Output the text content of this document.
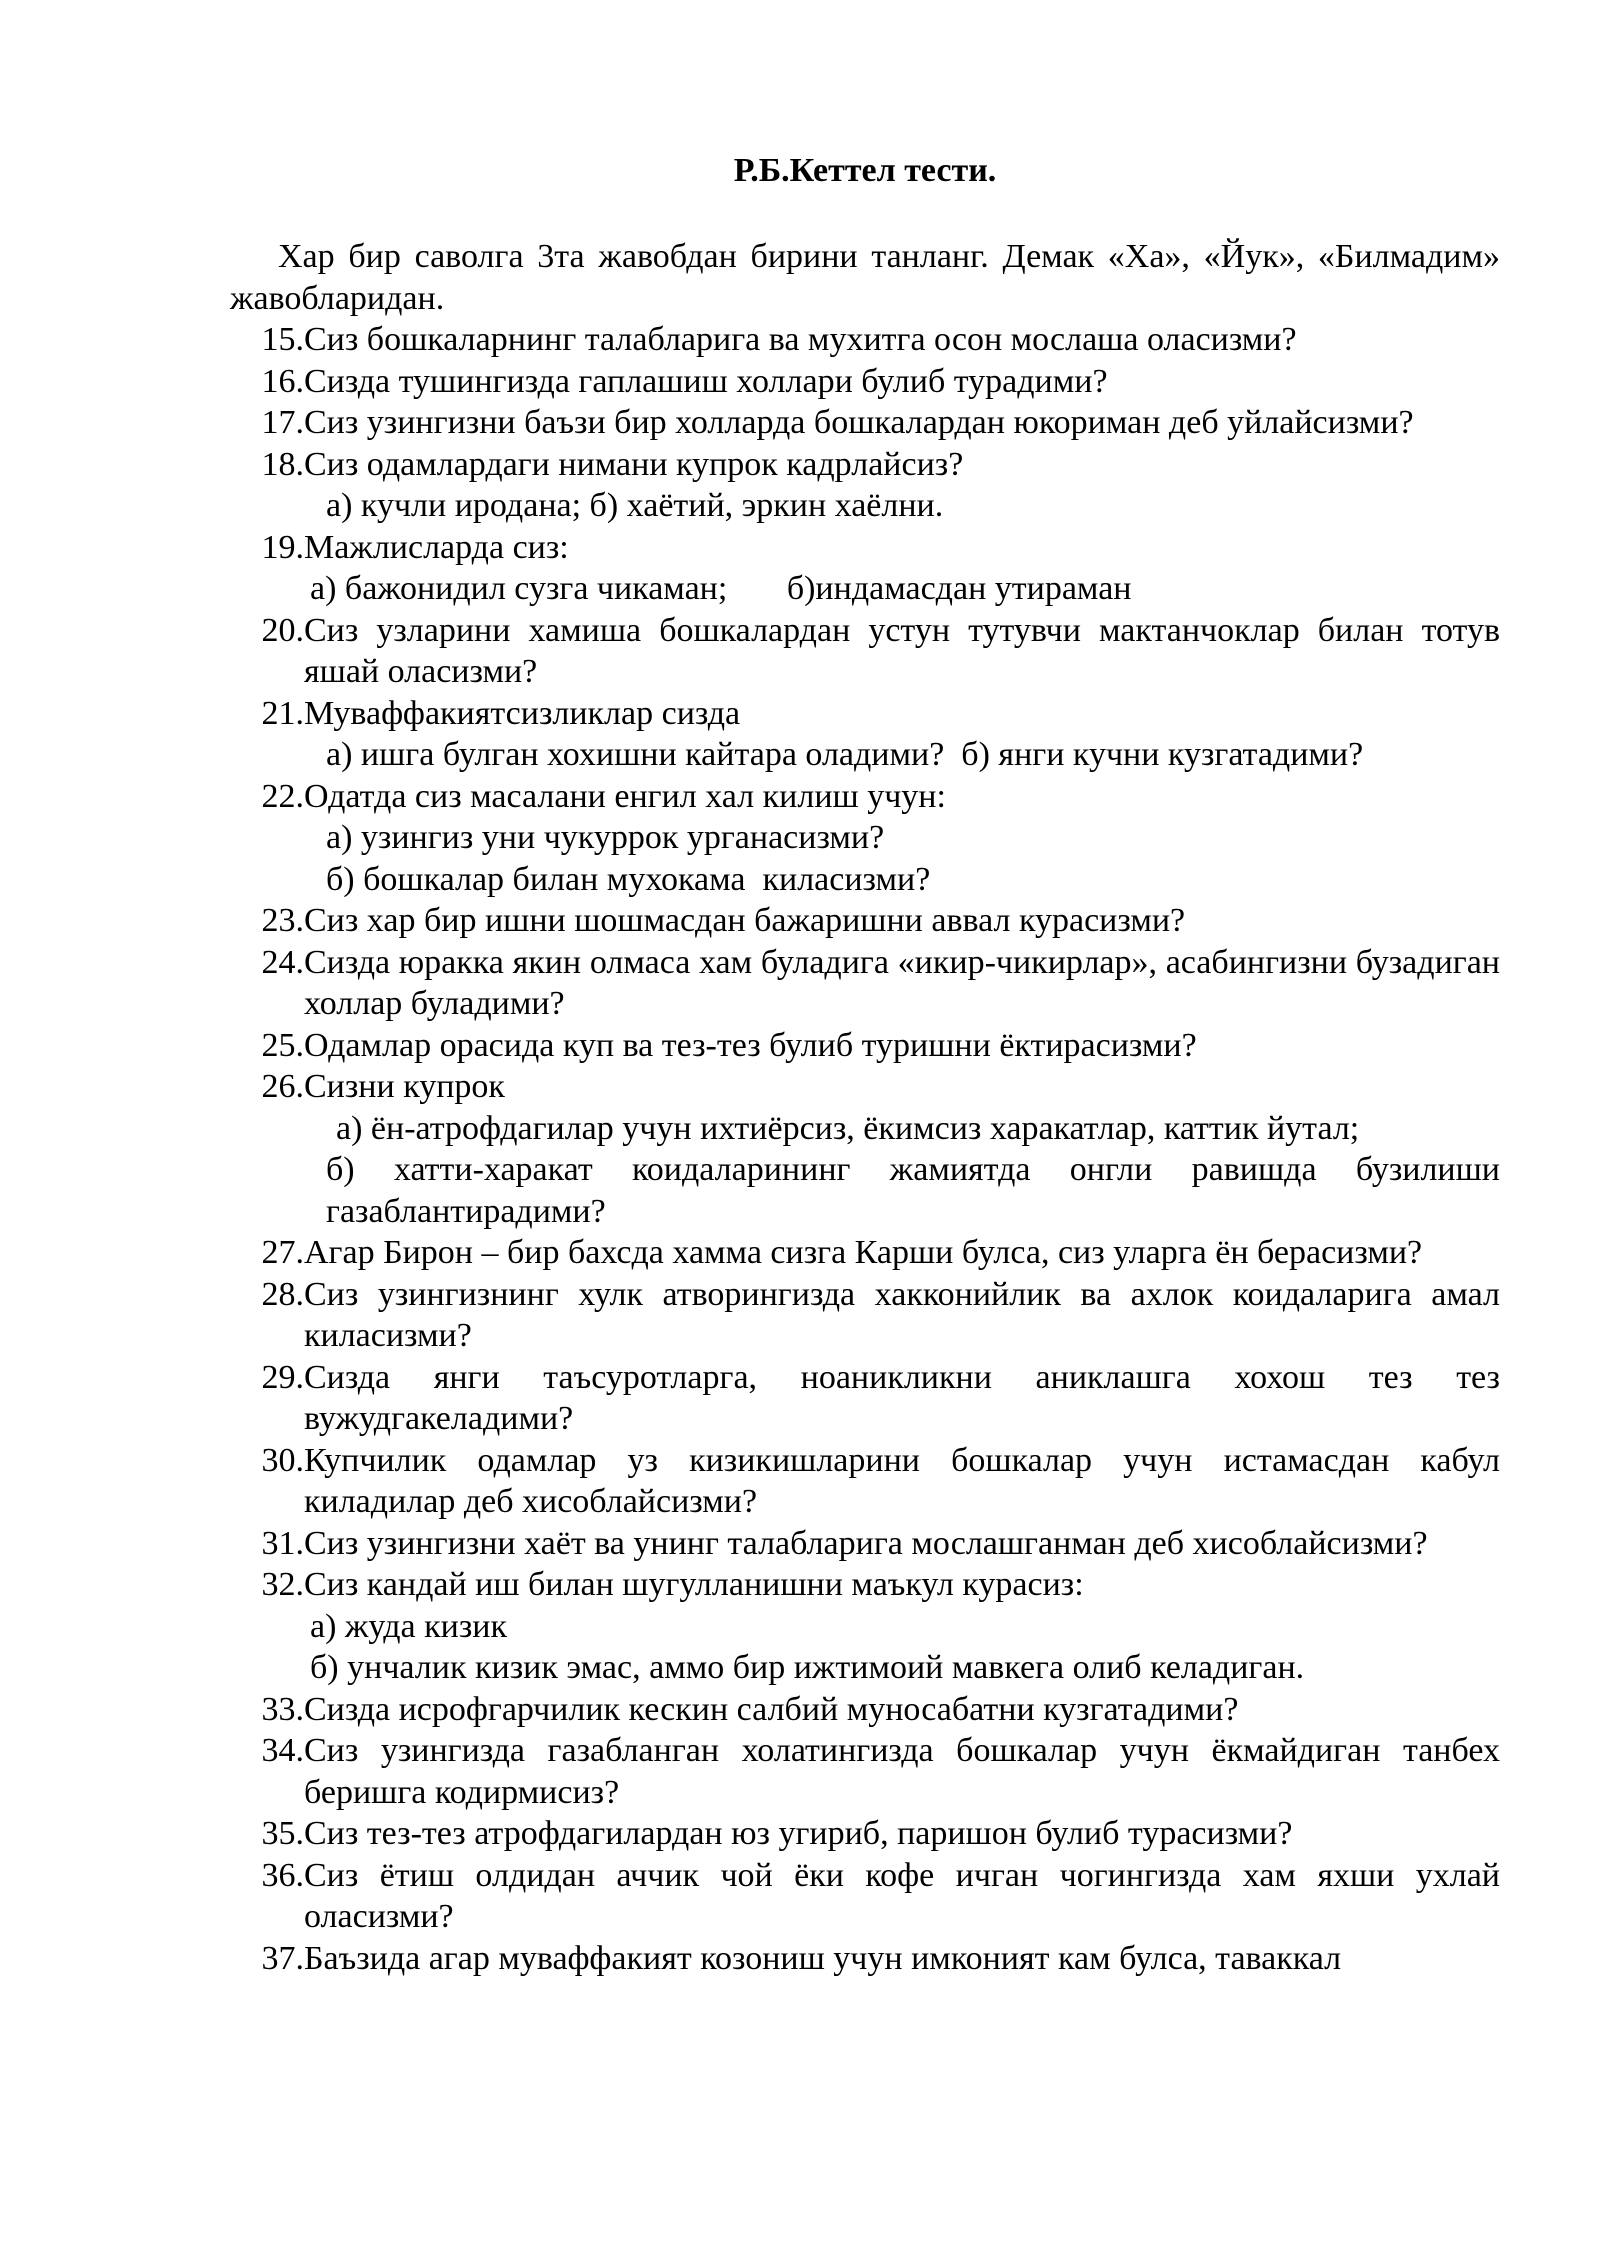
Р.Б.Кеттел тести.
Хар бир саволга 3та жавобдан бирини танланг. Демак «Ха», «Йук», «Билмадим» жавобларидан.
15. Сиз бошкаларнинг талабларига ва мухитга осон мослаша оласизми?
16. Сизда тушингизда гаплашиш холлари булиб турадими?
17. Сиз узингизни баъзи бир холларда бошкалардан юкориман деб уйлайсизми?
18. Сиз одамлардаги нимани купрок кадрлайсиз?
а) кучли иродана; б) хаётий, эркин хаёлни.
19. Мажлисларда сиз:
а) бажонидил сузга чикаман;       б)индамасдан утираман
20. Сиз узларини хамиша бошкалардан устун тутувчи мактанчоклар билан тотув яшай оласизми?
21. Муваффакиятсизликлар сизда
а) ишга булган хохишни кайтара оладими?  б) янги кучни кузгатадими?
22. Одатда сиз масалани енгил хал килиш учун:
а) узингиз уни чукуррок урганасизми?
б) бошкалар билан мухокама  киласизми?
23. Сиз хар бир ишни шошмасдан бажаришни аввал курасизми?
24. Сизда юракка якин олмаса хам буладига «икир-чикирлар», асабингизни бузадиган холлар буладими?
25. Одамлар орасида куп ва тез-тез булиб туришни ёктирасизми?
26. Сизни купрок
а) ён-атрофдагилар учун ихтиёрсиз, ёкимсиз харакатлар, каттик йутал;
б) хатти-харакат коидаларининг жамиятда онгли равишда бузилиши газаблантирадими?
27. Агар Бирон – бир бахсда хамма сизга Карши булса, сиз уларга ён берасизми?
28. Сиз узингизнинг хулк атворингизда хакконийлик ва ахлок коидаларига амал киласизми?
29. Сизда янги таъсуротларга, ноаникликни аниклашга хохош тез тез вужудгакеладими?
30. Купчилик одамлар уз кизикишларини бошкалар учун истамасдан кабул киладилар деб хисоблайсизми?
31. Сиз узингизни хаёт ва унинг талабларига мослашганман деб хисоблайсизми?
32. Сиз кандай иш билан шугулланишни маъкул курасиз:
а) жуда кизик
б) унчалик кизик эмас, аммо бир ижтимоий мавкега олиб келадиган.
33. Сизда исрофгарчилик кескин салбий муносабатни кузгатадими?
34. Сиз узингизда газабланган холатингизда бошкалар учун ёкмайдиган танбех беришга кодирмисиз?
35. Сиз тез-тез атрофдагилардан юз угириб, паришон булиб турасизми?
36. Сиз ётиш олдидан аччик чой ёки кофе ичган чогингизда хам яхши ухлай оласизми?
37. Баъзида агар муваффакият козониш учун имконият кам булса, таваккал
